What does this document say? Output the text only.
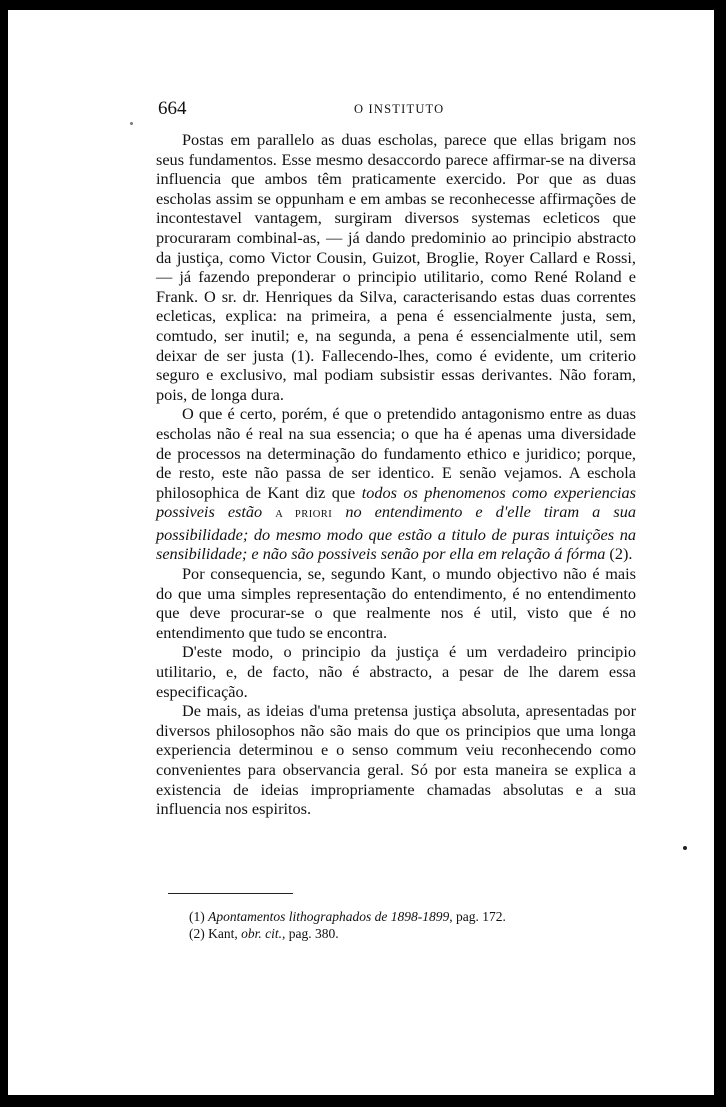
664	O INSTITUTO

Postas em parallelo as duas escholas, parece que ellas brigam nos seus fundamentos. Esse mesmo desaccordo parece affirmar-se na diversa influencia que ambos têm praticamente exercido. Por que as duas escholas assim se oppunham e em ambas se reconhecesse affirmações de incontestavel vantagem, surgiram diversos systemas ecleticos que procuraram combinal-as, — já dando predominio ao principio abstracto da justiça, como Victor Cousin, Guizot, Broglie, Royer Callard e Rossi, — já fazendo preponderar o principio utilitario, como René Roland e Frank. O sr. dr. Henriques da Silva, caracterisando estas duas correntes ecleticas, explica: na primeira, a pena é essencialmente justa, sem, comtudo, ser inutil; e, na segunda, a pena é essencialmente util, sem deixar de ser justa (1). Fallecendo-lhes, como é evidente, um criterio seguro e exclusivo, mal podiam subsistir essas derivantes. Não foram, pois, de longa dura.

O que é certo, porém, é que o pretendido antagonismo entre as duas escholas não é real na sua essencia; o que ha é apenas uma diversidade de processos na determinação do fundamento ethico e juridico; porque, de resto, este não passa de ser identico. E senão vejamos. A eschola philosophica de Kant diz que todos os phenomenos como experiencias possiveis estão A PRIORI no entendimento e d'elle tiram a sua possibilidade; do mesmo modo que estão a titulo de puras intuições na sensibilidade; e não são possiveis senão por ella em relação á fórma (2).

Por consequencia, se, segundo Kant, o mundo objectivo não é mais do que uma simples representação do entendimento, é no entendimento que deve procurar-se o que realmente nos é util, visto que é no entendimento que tudo se encontra.

D'este modo, o principio da justiça é um verdadeiro principio utilitario, e, de facto, não é abstracto, a pesar de lhe darem essa especificação.

De mais, as ideias d'uma pretensa justiça absoluta, apresentadas por diversos philosophos não são mais do que os principios que uma longa experiencia determinou e o senso commum veiu reconhecendo como convenientes para observancia geral. Só por esta maneira se explica a existencia de ideias impropriamente chamadas absolutas e a sua influencia nos espiritos.

(1) Apontamentos lithographados de 1898-1899, pag. 172.
(2) Kant, obr. cit., pag. 380.
